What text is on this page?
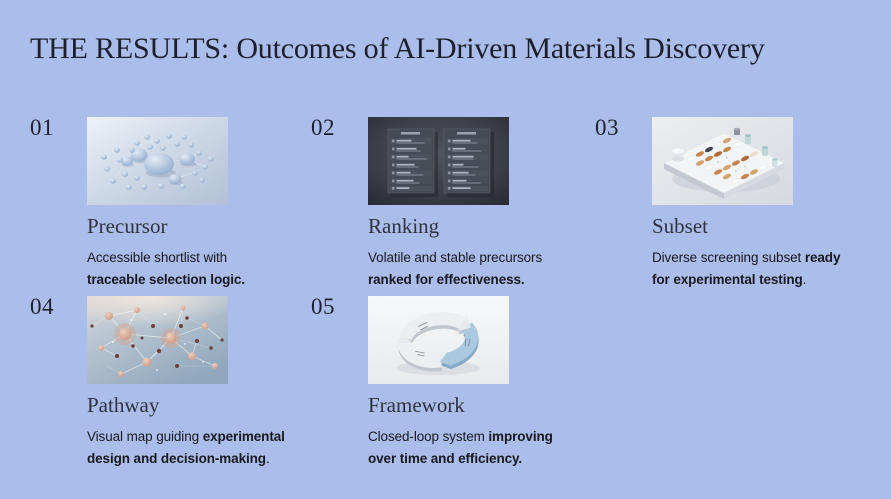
THE RESULTS: Outcomes of AI-Driven Materials Discovery
01
Precursor

Accessible shortlist with
traceable selection logic.

02
Ranking

Volatile and stable precursors
ranked for effectiveness.

03
Subset

Diverse screening subset ready
for experimental testing.

04
Pathway

Visual map guiding experimental
design and decision-making.

05
Framework

Closed-loop system improving
over time and efficiency.
